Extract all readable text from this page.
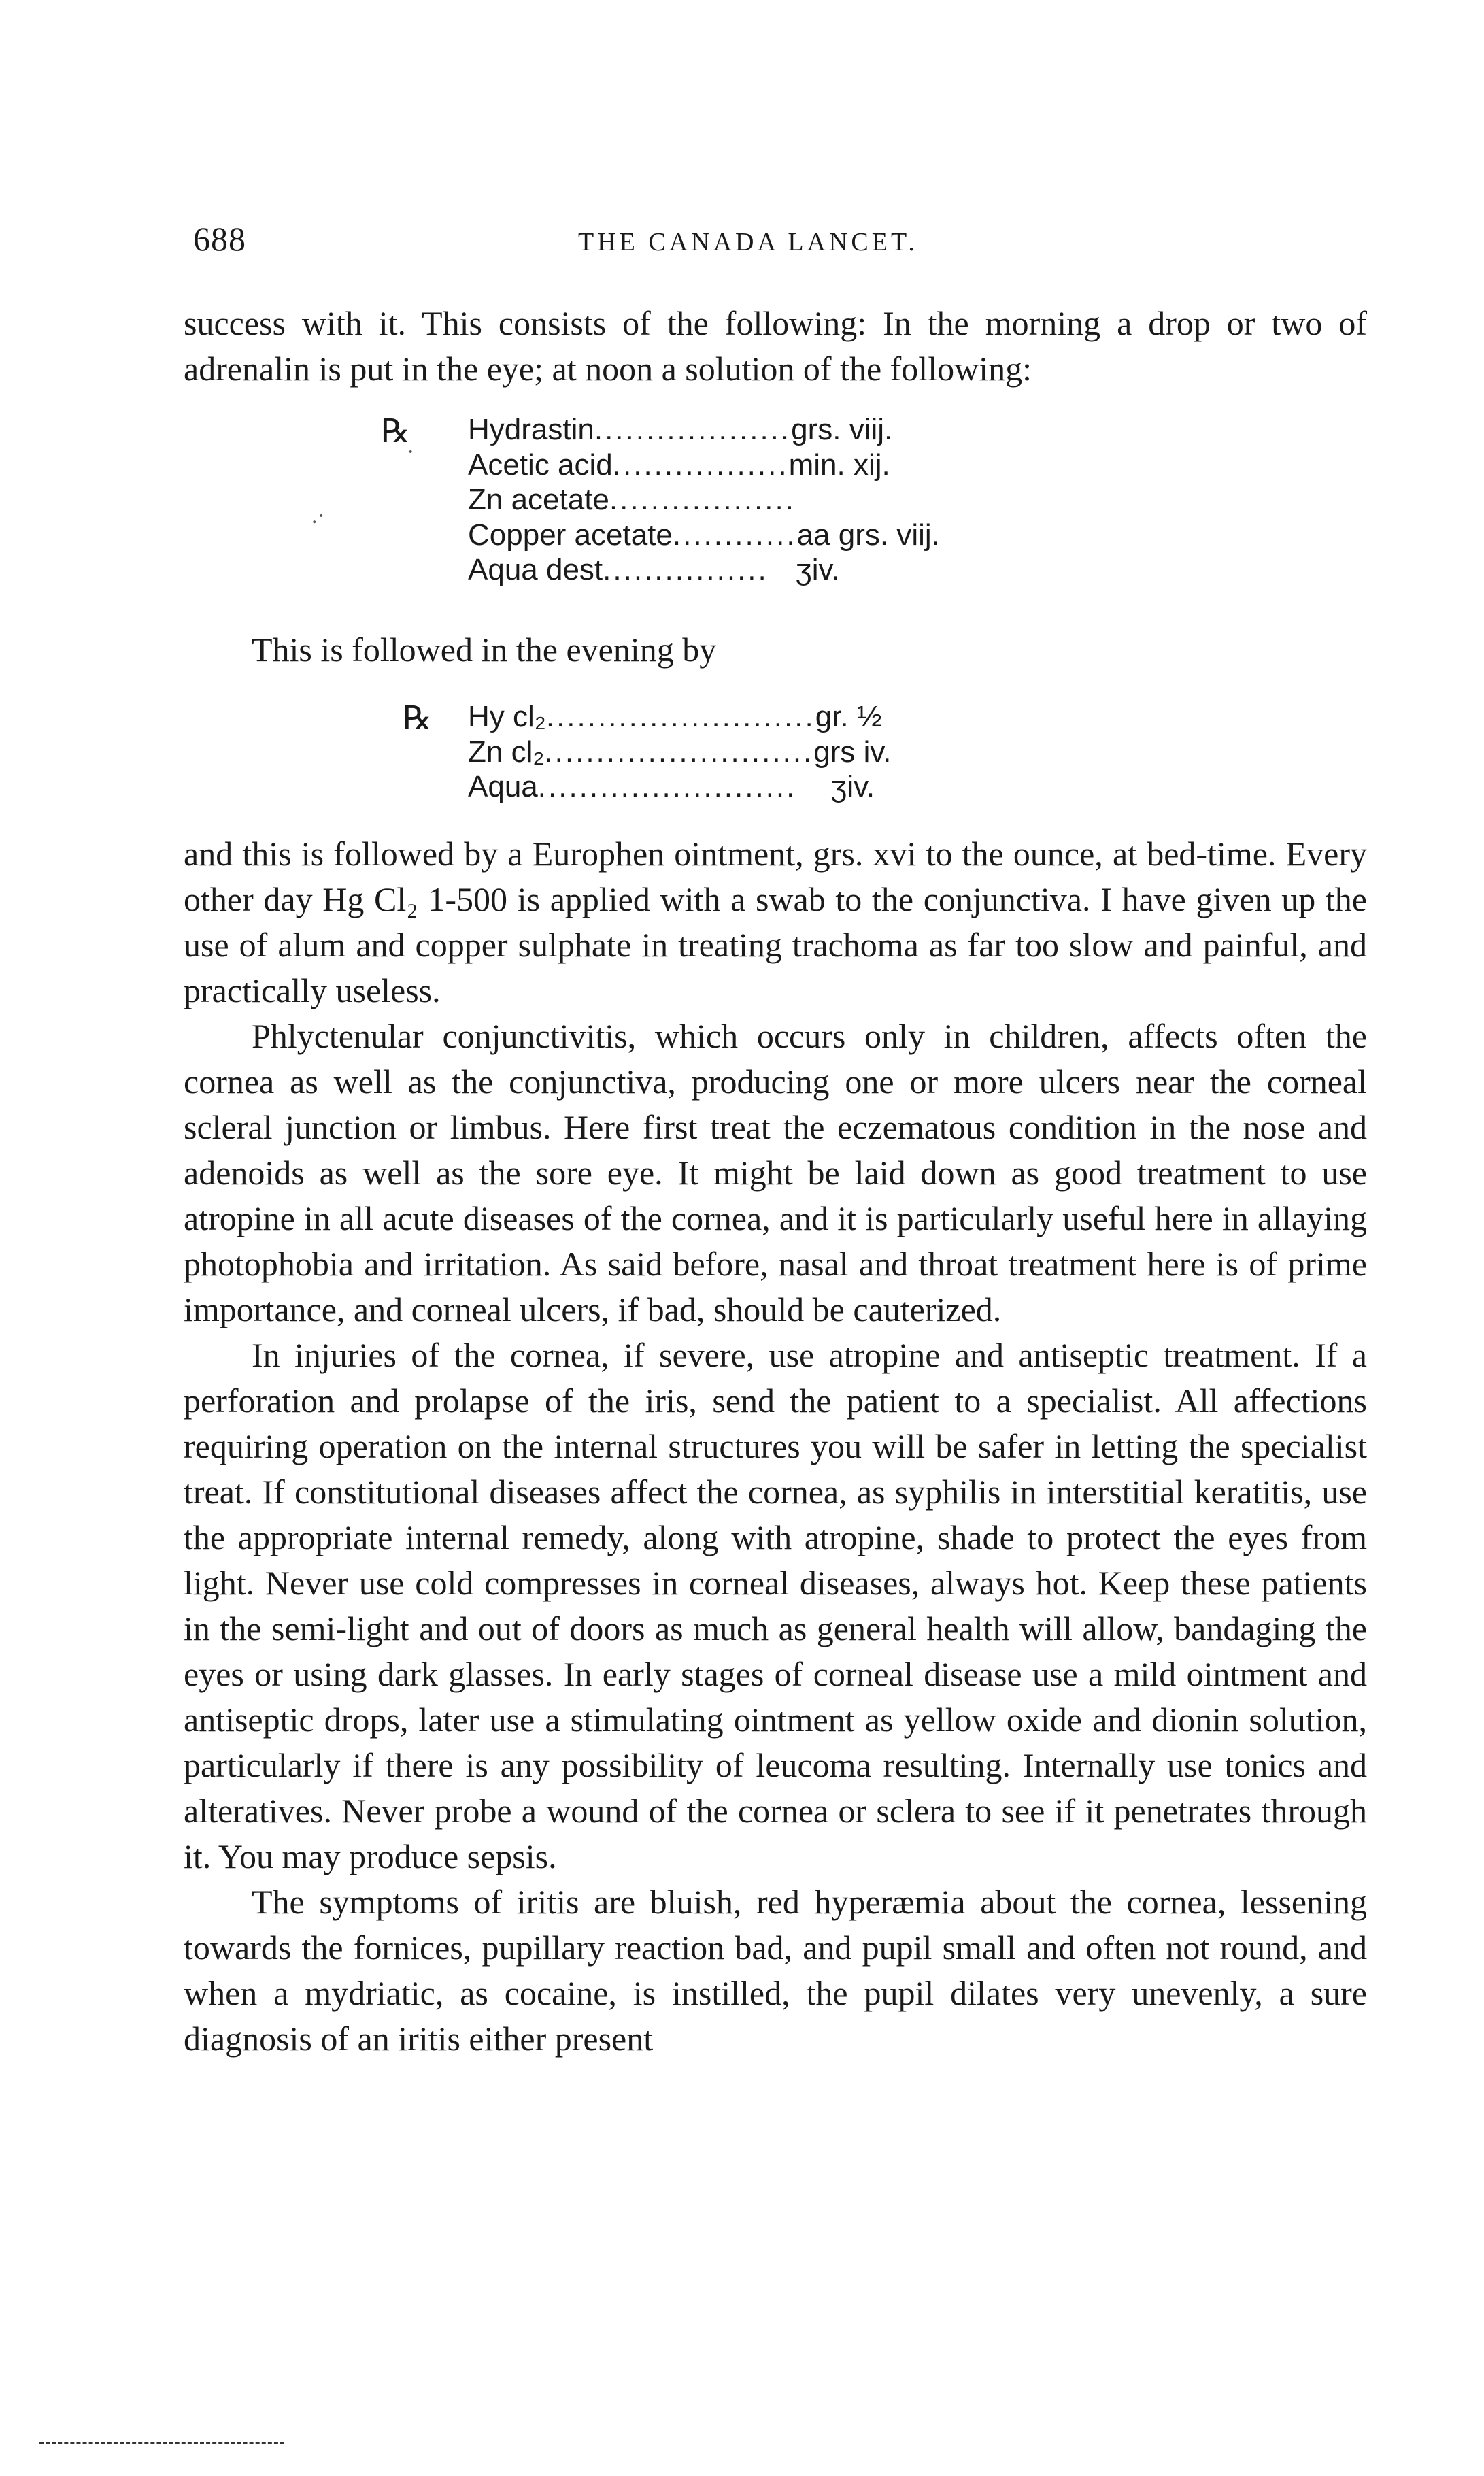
688	THE CANADA LANCET.

success with it. This consists of the following: In the morning a drop or two of adrenalin is put in the eye; at noon a solution of the following:

℞
·
.·
Hydrastin ................... grs. viij.
Acetic acid ................. min. xij.
Zn acetate ..................
Copper acetate ............ aa grs. viij.
Aqua dest ................ ʒiv.
This is followed in the evening by
℞ Hy cl₂ .......................... gr. ½
Zn cl₂ .......................... grs iv.
Aqua ......................... ʒiv.

and this is followed by a Europhen ointment, grs. xvi to the ounce, at bed-time. Every other day Hg Cl₂ 1-500 is applied with a swab to the conjunctiva. I have given up the use of alum and copper sulphate in treating trachoma as far too slow and painful, and practically useless.

Phlyctenular conjunctivitis, which occurs only in children, affects often the cornea as well as the conjunctiva, producing one or more ulcers near the corneal scleral junction or limbus. Here first treat the eczematous condition in the nose and adenoids as well as the sore eye. It might be laid down as good treatment to use atropine in all acute diseases of the cornea, and it is particularly useful here in allaying photophobia and irritation. As said before, nasal and throat treatment here is of prime importance, and corneal ulcers, if bad, should be cauterized.

In injuries of the cornea, if severe, use atropine and antiseptic treatment. If a perforation and prolapse of the iris, send the patient to a specialist. All affections requiring operation on the internal structures you will be safer in letting the specialist treat. If constitutional diseases affect the cornea, as syphilis in interstitial keratitis, use the appropriate internal remedy, along with atropine, shade to protect the eyes from light. Never use cold compresses in corneal diseases, always hot. Keep these patients in the semi-light and out of doors as much as general health will allow, bandaging the eyes or using dark glasses. In early stages of corneal disease use a mild ointment and antiseptic drops, later use a stimulating ointment as yellow oxide and dionin solution, particularly if there is any possibility of leucoma resulting. Internally use tonics and alteratives. Never probe a wound of the cornea or sclera to see if it penetrates through it. You may produce sepsis.

The symptoms of iritis are bluish, red hyperæmia about the cornea, lessening towards the fornices, pupillary reaction bad, and pupil small and often not round, and when a mydriatic, as cocaine, is instilled, the pupil dilates very unevenly, a sure diagnosis of an iritis either present
